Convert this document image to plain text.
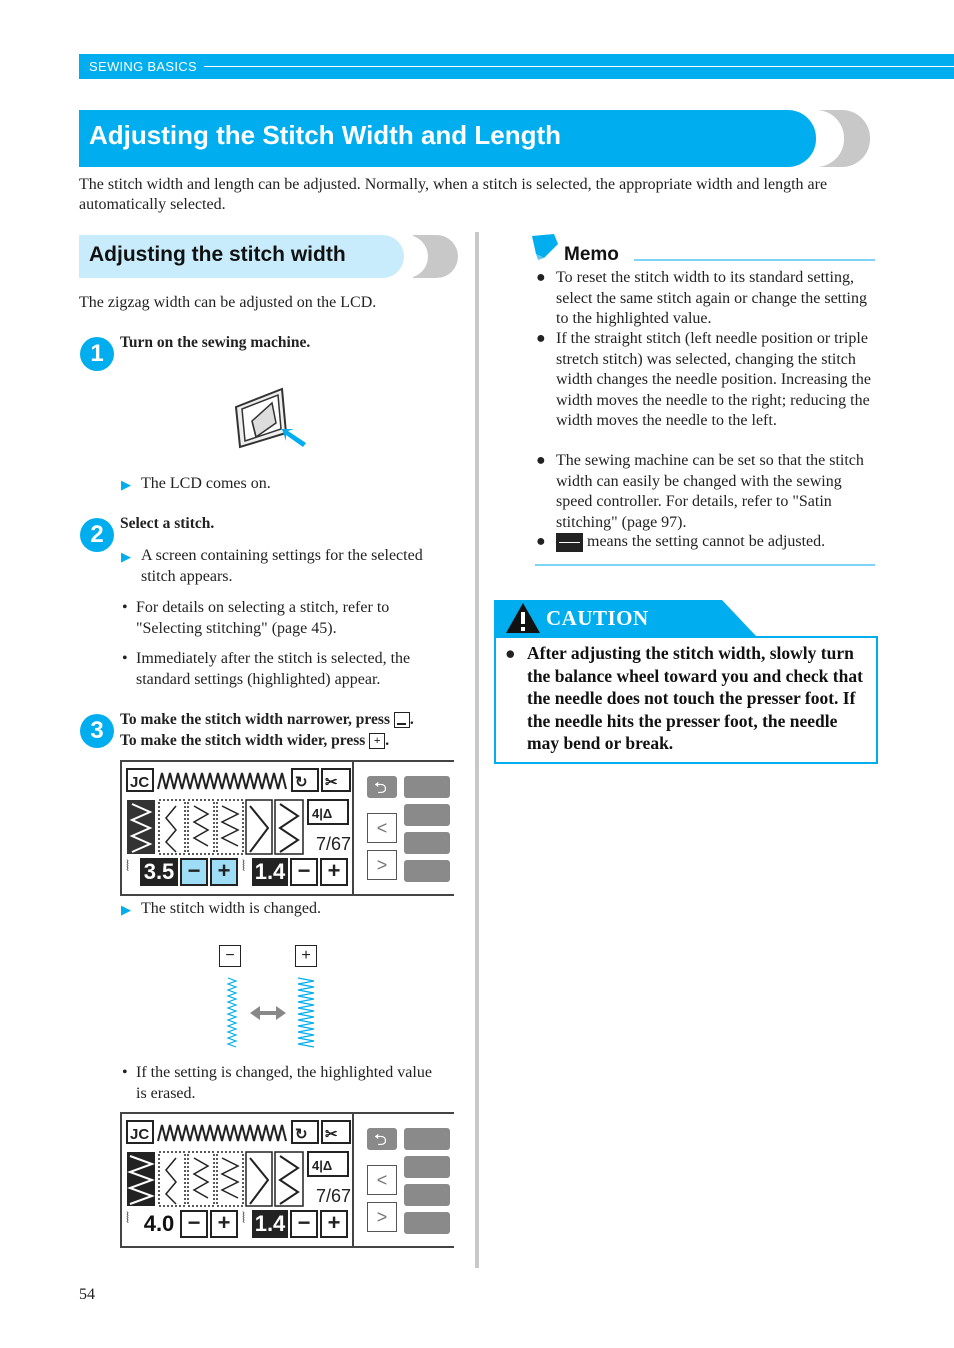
SEWING BASICS
Adjusting the Stitch Width and Length
The stitch width and length can be adjusted. Normally, when a stitch is selected, the appropriate width and length are automatically selected.
Adjusting the stitch width
The zigzag width can be adjusted on the LCD.
1	Turn on the sewing machine.
▶ The LCD comes on.
2	Select a stitch.
▶ A screen containing settings for the selected stitch appears.
• For details on selecting a stitch, refer to "Selecting stitching" (page 45).
• Immediately after the stitch is selected, the standard settings (highlighted) appear.
3	To make the stitch width narrower, press .
To make the stitch width wider, press + .
JC	↻ ✂
4|Δ
7/67
⦚ 3.5 − + ⦚ 1.4 − +
⮌
<
>
▶ The stitch width is changed.
−	+
• If the setting is changed, the highlighted value is erased.
JC	↻ ✂
4|Δ
7/67
⦚ 4.0 − + ⦚ 1.4 − +
⮌
<
>
Memo
● To reset the stitch width to its standard setting, select the same stitch again or change the setting to the highlighted value.
● If the straight stitch (left needle position or triple stretch stitch) was selected, changing the stitch width changes the needle position. Increasing the width moves the needle to the right; reducing the width moves the needle to the left.
● The sewing machine can be set so that the stitch width can easily be changed with the sewing speed controller. For details, refer to "Satin stitching" (page 97).
●	means the setting cannot be adjusted.
CAUTION
● After adjusting the stitch width, slowly turn the balance wheel toward you and check that the needle does not touch the presser foot. If the needle hits the presser foot, the needle may bend or break.
54
